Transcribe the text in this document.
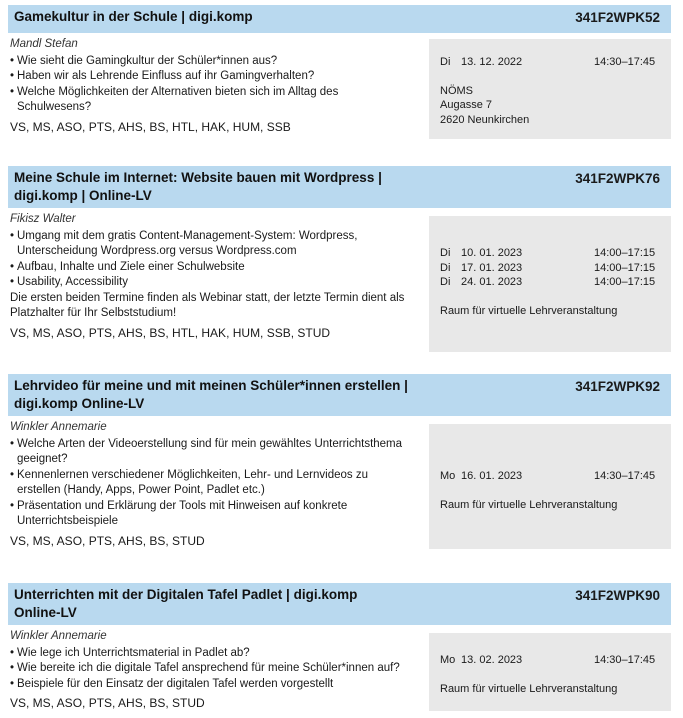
Gamekultur in der Schule | digi.komp	341F2WPK52
Mandl Stefan
• Wie sieht die Gamingkultur der Schüler*innen aus?
• Haben wir als Lehrende Einfluss auf ihr Gamingverhalten?
• Welche Möglichkeiten der Alternativen bieten sich im Alltag des Schulwesens?
VS, MS, ASO, PTS, AHS, BS, HTL, HAK, HUM, SSB
Di 13. 12. 2022	14:30–17:45
NÖMS
Augasse 7
2620 Neunkirchen
Meine Schule im Internet: Website bauen mit Wordpress | digi.komp | Online-LV
341F2WPK76
Fikisz Walter
• Umgang mit dem gratis Content-Management-System: Wordpress, Unterscheidung Wordpress.org versus Wordpress.com
• Aufbau, Inhalte und Ziele einer Schulwebsite
• Usability, Accessibility
Die ersten beiden Termine finden als Webinar statt, der letzte Termin dient als Platzhalter für Ihr Selbststudium!
VS, MS, ASO, PTS, AHS, BS, HTL, HAK, HUM, SSB, STUD
Di 10. 01. 2023	14:00–17:15
Di 17. 01. 2023	14:00–17:15
Di 24. 01. 2023	14:00–17:15
Raum für virtuelle Lehrveranstaltung
Lehrvideo für meine und mit meinen Schüler*innen erstellen | digi.komp Online-LV
341F2WPK92
Winkler Annemarie
• Welche Arten der Videoerstellung sind für mein gewähltes Unterrichtsthema geeignet?
• Kennenlernen verschiedener Möglichkeiten, Lehr- und Lernvideos zu erstellen (Handy, Apps, Power Point, Padlet etc.)
• Präsentation und Erklärung der Tools mit Hinweisen auf konkrete Unterrichtsbeispiele
VS, MS, ASO, PTS, AHS, BS, STUD
Mo 16. 01. 2023	14:30–17:45
Raum für virtuelle Lehrveranstaltung
Unterrichten mit der Digitalen Tafel Padlet | digi.komp Online-LV
341F2WPK90
Winkler Annemarie
• Wie lege ich Unterrichtsmaterial in Padlet ab?
• Wie bereite ich die digitale Tafel ansprechend für meine Schüler*innen auf?
• Beispiele für den Einsatz der digitalen Tafel werden vorgestellt
VS, MS, ASO, PTS, AHS, BS, STUD
Mo 13. 02. 2023	14:30–17:45
Raum für virtuelle Lehrveranstaltung
